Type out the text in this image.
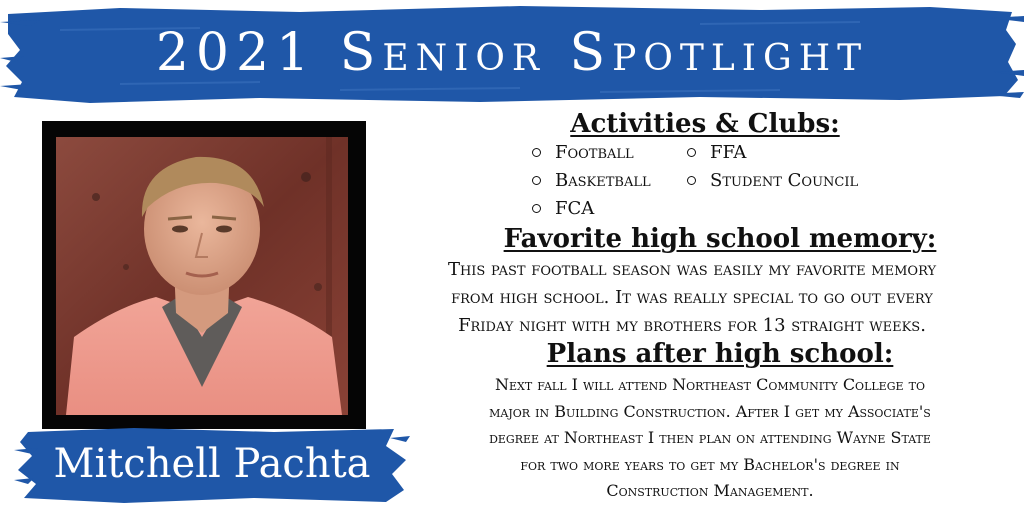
2021 Senior Spotlight
Mitchell Pachta
Activities & Clubs:
Football	FFA
Basketball	Student Council
FCA
Favorite high school memory:
This past football season was easily my favorite memory
from high school. It was really special to go out every
Friday night with my brothers for 13 straight weeks.
Plans after high school:
Next fall I will attend Northeast Community College to
major in Building Construction. After I get my Associate's
degree at Northeast I then plan on attending Wayne State
for two more years to get my Bachelor's degree in
Construction Management.
